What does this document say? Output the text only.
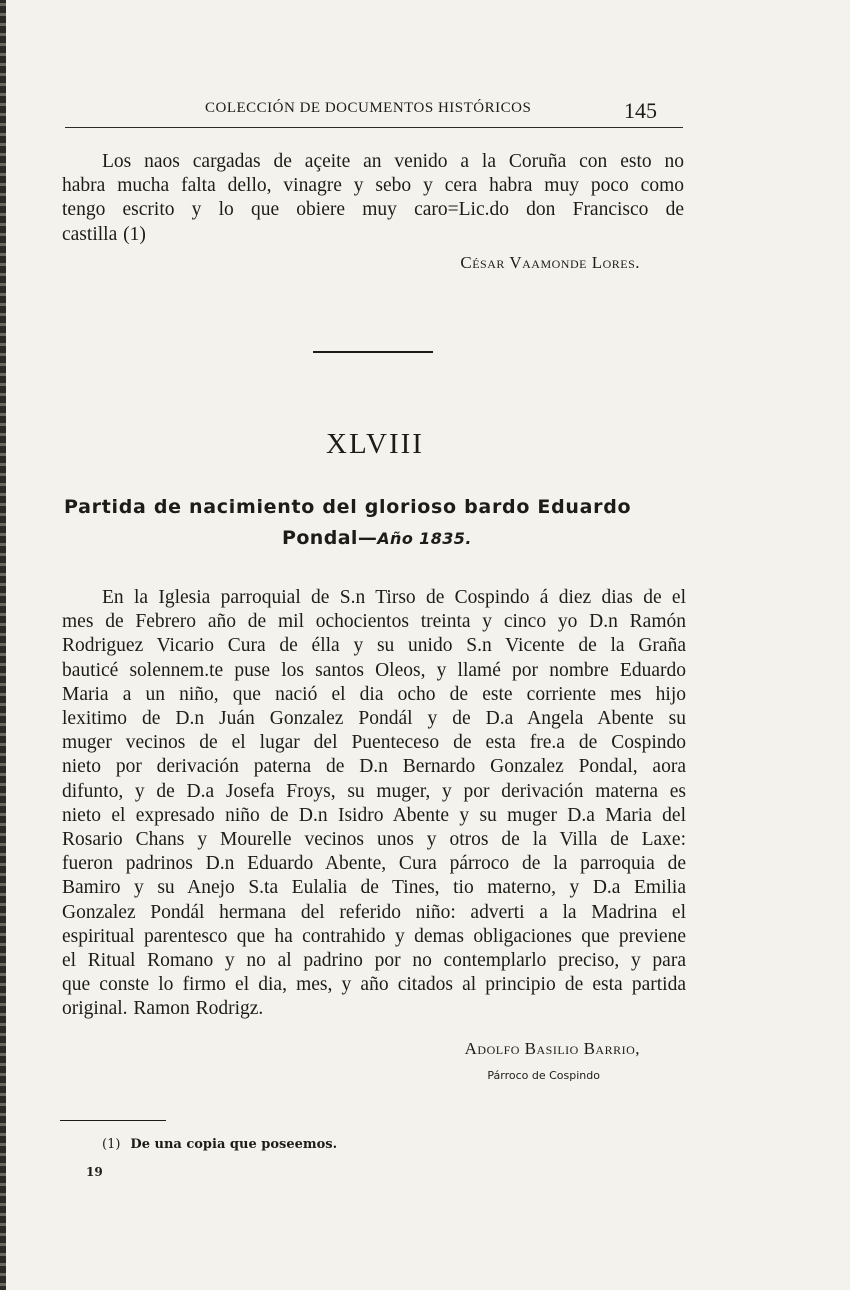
COLECCIÓN DE DOCUMENTOS HISTÓRICOS	145
Los naos cargadas de açeite an venido a la Coruña con esto no
habra mucha falta dello, vinagre y sebo y cera habra muy poco como
tengo escrito y lo que obiere muy caro=Lic.do don Francisco de
castilla (1)
César Vaamonde Lores.
XLVIII
Partida de nacimiento del glorioso bardo Eduardo
Pondal—Año 1835.
En la Iglesia parroquial de S.n Tirso de Cospindo á diez dias de el
mes de Febrero año de mil ochocientos treinta y cinco yo D.n Ramón
Rodriguez Vicario Cura de élla y su unido S.n Vicente de la Graña
bauticé solennem.te puse los santos Oleos, y llamé por nombre Eduardo
Maria a un niño, que nació el dia ocho de este corriente mes hijo
lexitimo de D.n Juán Gonzalez Pondál y de D.a Angela Abente su
muger vecinos de el lugar del Puenteceso de esta fre.a de Cospindo
nieto por derivación paterna de D.n Bernardo Gonzalez Pondal, aora
difunto, y de D.a Josefa Froys, su muger, y por derivación materna es
nieto el expresado niño de D.n Isidro Abente y su muger D.a Maria del
Rosario Chans y Mourelle vecinos unos y otros de la Villa de Laxe:
fueron padrinos D.n Eduardo Abente, Cura párroco de la parroquia de
Bamiro y su Anejo S.ta Eulalia de Tines, tio materno, y D.a Emilia
Gonzalez Pondál hermana del referido niño: adverti a la Madrina el
espiritual parentesco que ha contrahido y demas obligaciones que previene
el Ritual Romano y no al padrino por no contemplarlo preciso, y para
que conste lo firmo el dia, mes, y año citados al principio de esta partida
original. Ramon Rodrigz.
Adolfo Basilio Barrio,
Párroco de Cospindo
(1) De una copia que poseemos.
19
